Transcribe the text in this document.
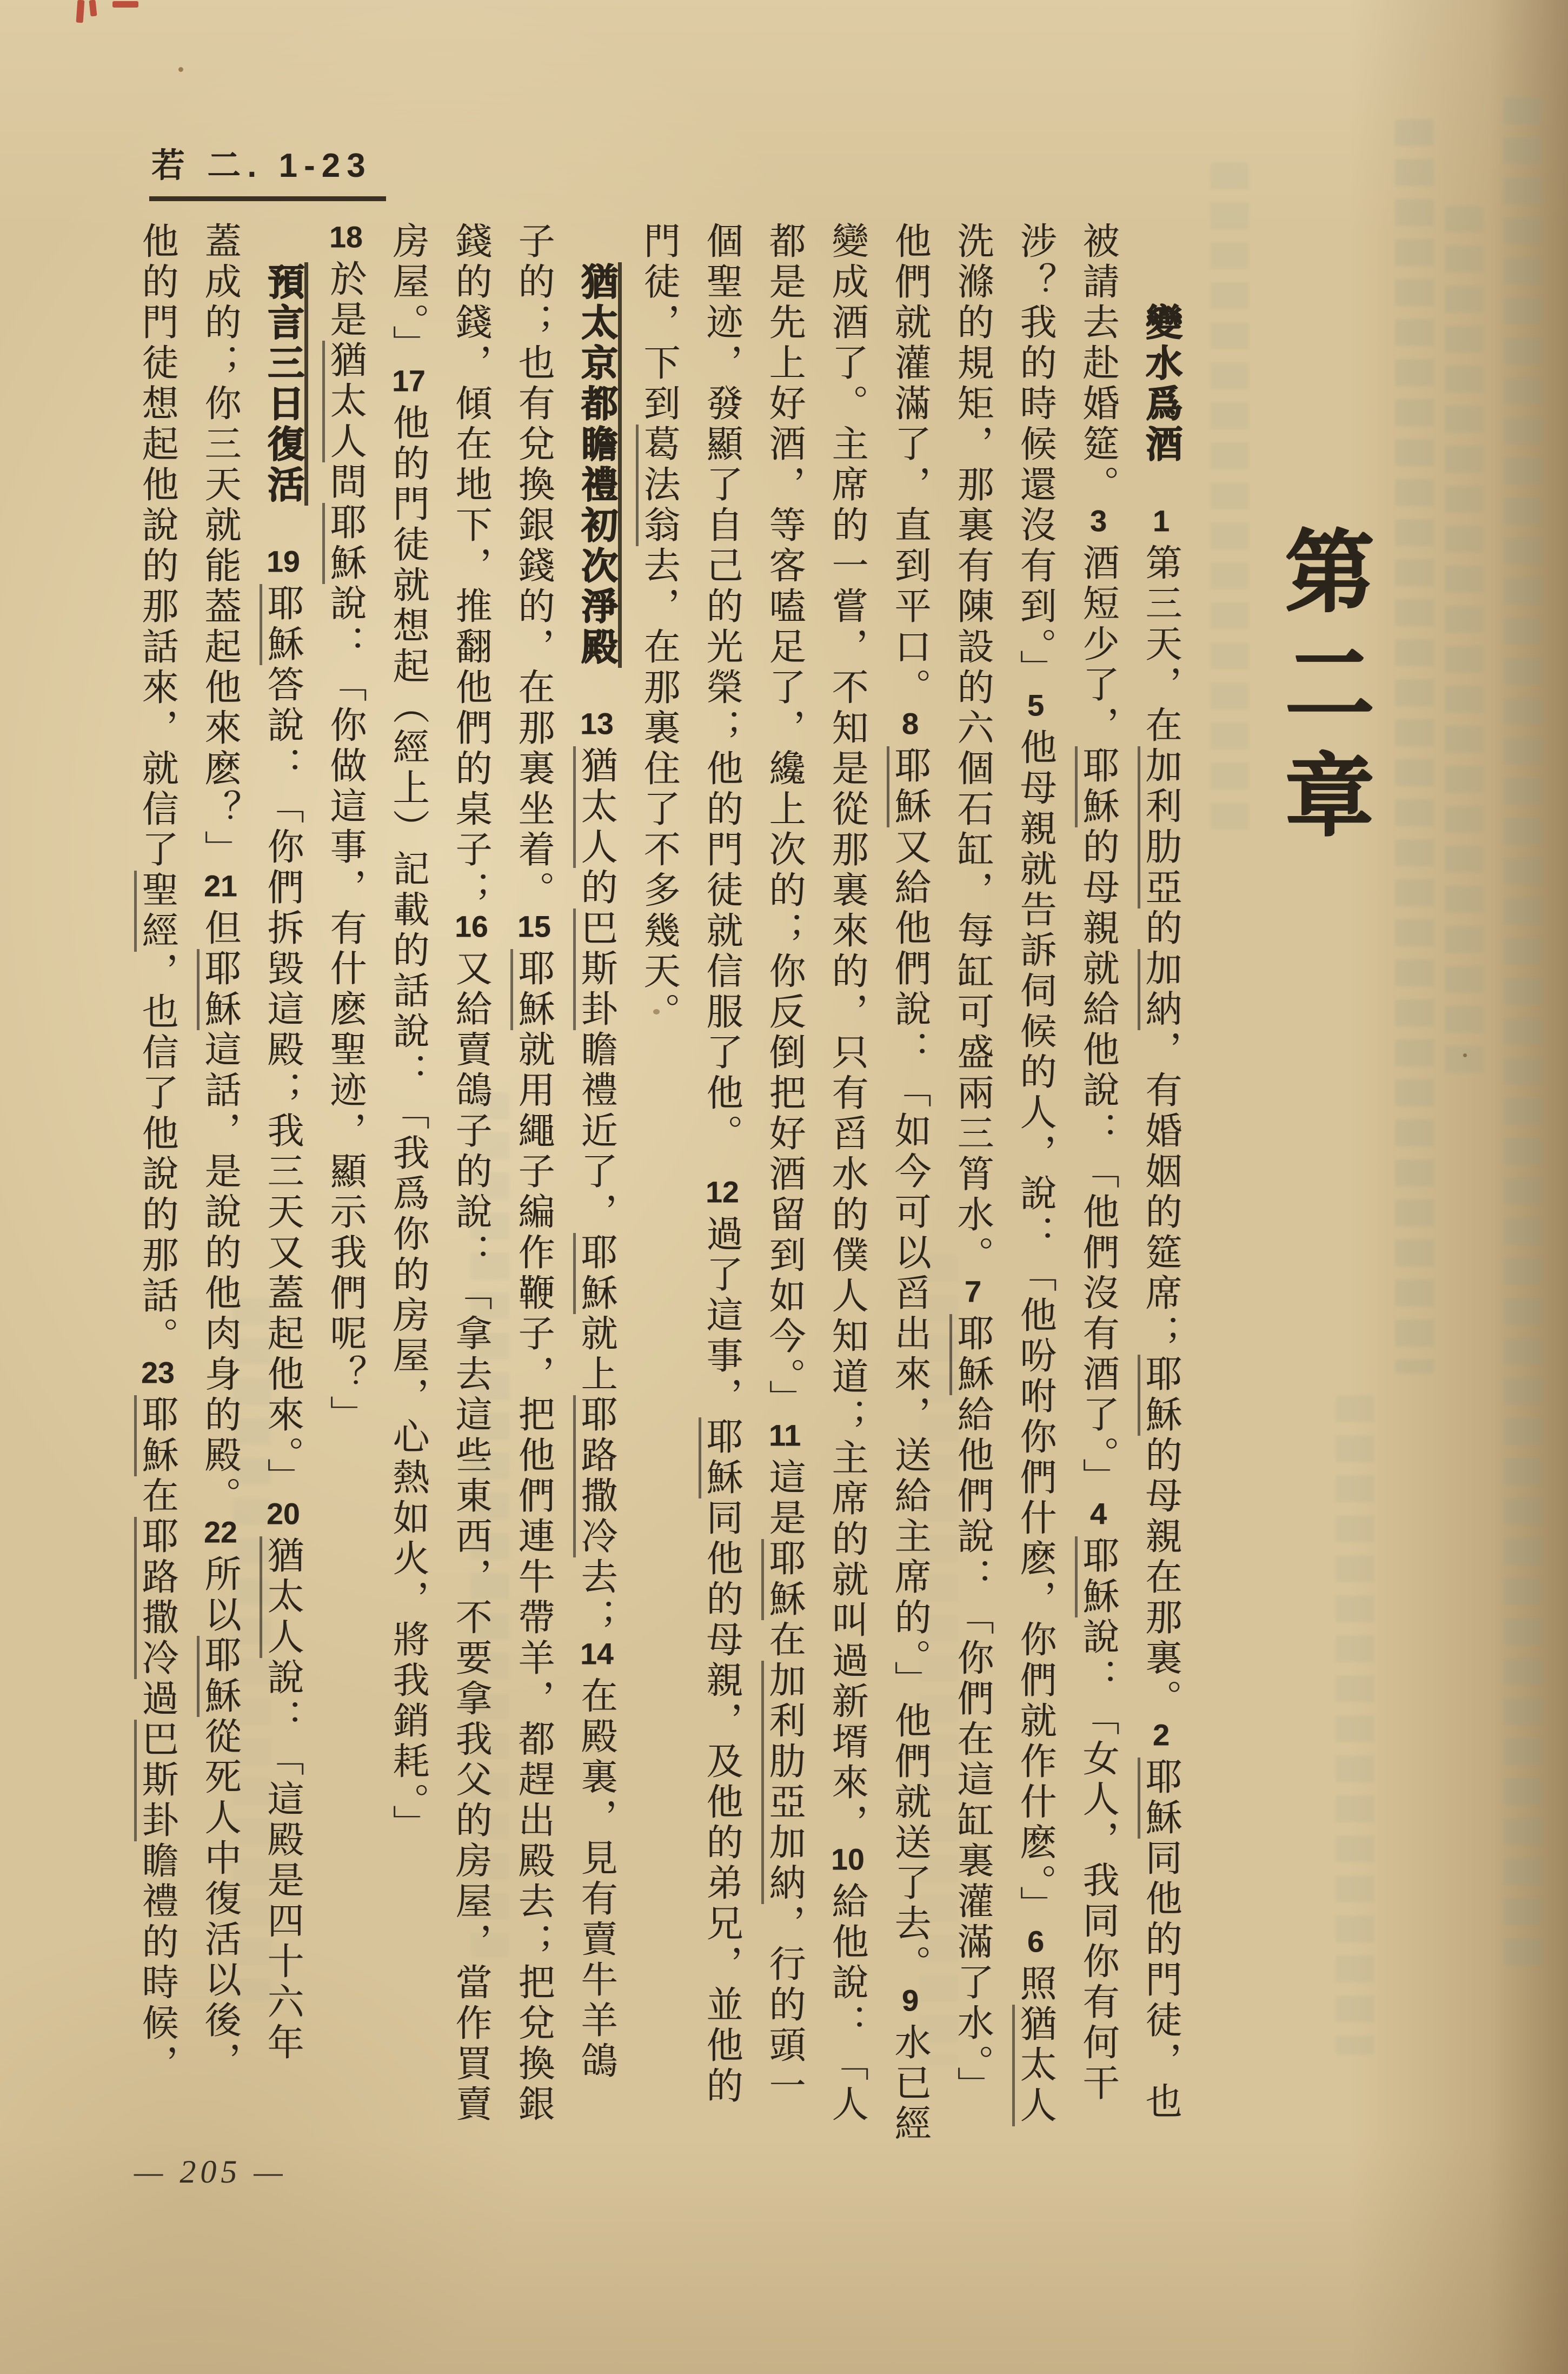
若 二. 1-23
第二章
　　變水爲酒　1第三天，在加利肋亞的加納，有婚姻的筵席；耶穌的母親在那裏。2耶穌同他的門徒，也
被請去赴婚筵。3酒短少了，耶穌的母親就給他說：「他們沒有酒了。」4耶穌說：「女人，我同你有何干
涉？我的時候還沒有到。」5他母親就告訴伺候的人，說：「他吩咐你們什麽，你們就作什麽。」6照猶太人
洗滌的規矩，那裏有陳設的六個石缸，每缸可盛兩三筲水。7耶穌給他們說：「你們在這缸裏灌滿了水。」
他們就灌滿了，直到平口。8耶穌又給他們說：「如今可以舀出來，送給主席的。」他們就送了去。9水已經
變成酒了。主席的一嘗，不知是從那裏來的，只有舀水的僕人知道；主席的就叫過新壻來，10給他說：「人
都是先上好酒，等客嗑足了，纔上次的；你反倒把好酒留到如今。」11這是耶穌在加利肋亞加納，行的頭一
個聖迹，發顯了自己的光榮；他的門徒就信服了他。　12過了這事，耶穌同他的母親，及他的弟兄，並他的
門徒，下到葛法翁去，在那裏住了不多幾天。
　猶太京都瞻禮初次淨殿　13猶太人的巴斯卦瞻禮近了，耶穌就上耶路撒冷去；14在殿裏，見有賣牛羊鴿
子的；也有兌換銀錢的，在那裏坐着。15耶穌就用繩子編作鞭子，把他們連牛帶羊，都趕出殿去；把兌換銀
錢的錢，傾在地下，推翻他們的桌子；16又給賣鴿子的說：「拿去這些東西，不要拿我父的房屋，當作買賣
房屋。」17他的門徒就想起（經上）記載的話說：「我爲你的房屋，心熱如火，將我銷耗。」
18於是猶太人問耶穌說：「你做這事，有什麽聖迹，顯示我們呢？」
　預言三日復活　19耶穌答說：「你們拆毀這殿；我三天又蓋起他來。」20猶太人說：「這殿是四十六年
蓋成的；你三天就能葢起他來麽？」21但耶穌這話，是說的他肉身的殿。22所以耶穌從死人中復活以後，
他的門徒想起他說的那話來，就信了聖經，也信了他說的那話。23耶穌在耶路撒冷過巴斯卦瞻禮的時候，
— 205 —
